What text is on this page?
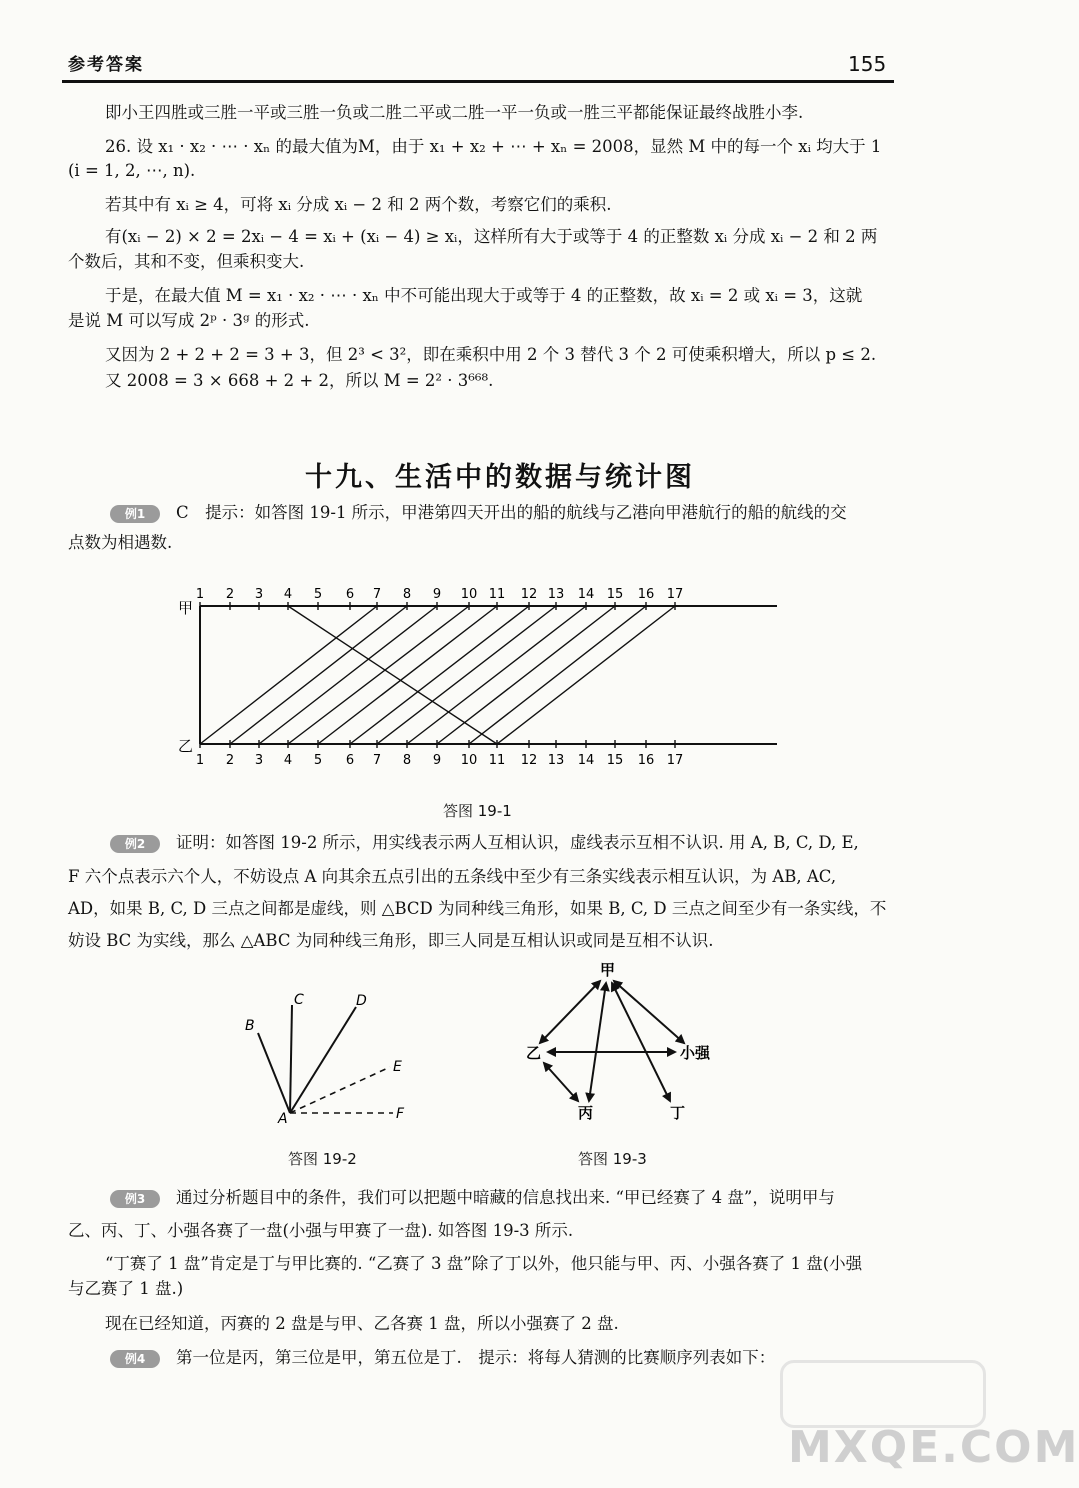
参考答案	155
即小王四胜或三胜一平或三胜一负或二胜二平或二胜一平一负或一胜三平都能保证最终战胜小李.
26. 设 x₁ · x₂ · ⋯ · xₙ 的最大值为M，由于 x₁ + x₂ + ⋯ + xₙ = 2008，显然 M 中的每一个 xᵢ 均大于 1
(i = 1, 2, ⋯, n).
若其中有 xᵢ ≥ 4，可将 xᵢ 分成 xᵢ − 2 和 2 两个数，考察它们的乘积.
有(xᵢ − 2) × 2 = 2xᵢ − 4 = xᵢ + (xᵢ − 4) ≥ xᵢ，这样所有大于或等于 4 的正整数 xᵢ 分成 xᵢ − 2 和 2 两
个数后，其和不变，但乘积变大.
于是，在最大值 M = x₁ · x₂ · ⋯ · xₙ 中不可能出现大于或等于 4 的正整数，故 xᵢ = 2 或 xᵢ = 3，这就
是说 M 可以写成 2ᵖ · 3ᵍ 的形式.
又因为 2 + 2 + 2 = 3 + 3，但 2³ < 3²，即在乘积中用 2 个 3 替代 3 个 2 可使乘积增大，所以 p ≤ 2.
又 2008 = 3 × 668 + 2 + 2，所以 M = 2² · 3⁶⁶⁸.
十九、生活中的数据与统计图
例1 C　提示：如答图 19-1 所示，甲港第四天开出的船的航线与乙港向甲港航行的船的航线的交
点数为相遇数.
甲
乙
1
1
2
2
3
3
4
4
5
5
6
6
7
7
8
8
9
9
10
10
11
11
12
12
13
13
14
14
15
15
16
16
17
17
答图 19-1
例2 证明：如答图 19-2 所示，用实线表示两人互相认识，虚线表示互相不认识. 用 A, B, C, D, E,
F 六个点表示六个人，不妨设点 A 向其余五点引出的五条线中至少有三条实线表示相互认识，为 AB, AC,
AD，如果 B, C, D 三点之间都是虚线，则 △BCD 为同种线三角形，如果 B, C, D 三点之间至少有一条实线，不
妨设 BC 为实线，那么 △ABC 为同种线三角形，即三人同是互相认识或同是互相不认识.
A
B
C	D
E
F
答图 19-2
甲
乙	小强
丙	丁
答图 19-3
例3 通过分析题目中的条件，我们可以把题中暗藏的信息找出来. “甲已经赛了 4 盘”，说明甲与
乙、丙、丁、小强各赛了一盘(小强与甲赛了一盘). 如答图 19-3 所示.
“丁赛了 1 盘”肯定是丁与甲比赛的. “乙赛了 3 盘”除了丁以外，他只能与甲、丙、小强各赛了 1 盘(小强
与乙赛了 1 盘.)
现在已经知道，丙赛的 2 盘是与甲、乙各赛 1 盘，所以小强赛了 2 盘.
例4 第一位是丙，第三位是甲，第五位是丁.　提示：将每人猜测的比赛顺序列表如下：
MXQE.COM
